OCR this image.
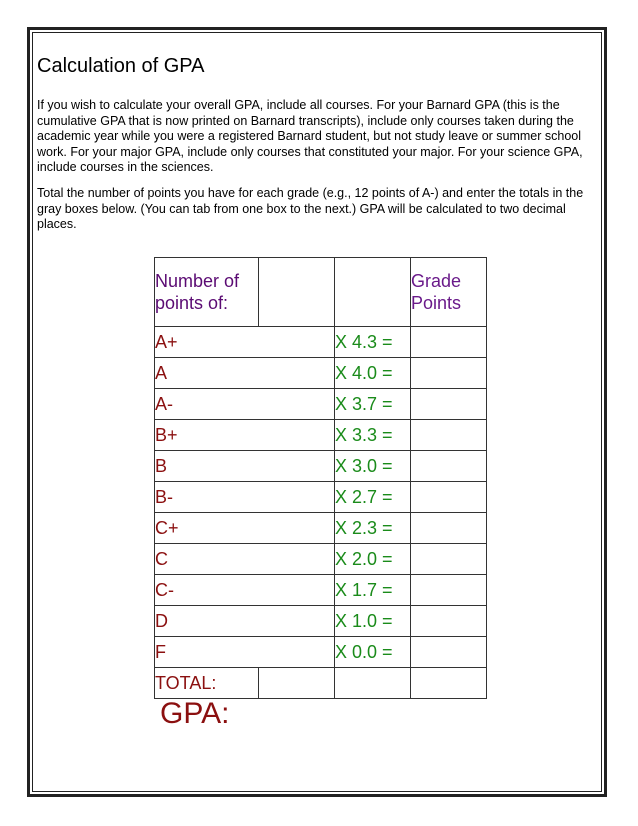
Calculation of GPA

If you wish to calculate your overall GPA, include all courses. For your Barnard GPA (this is the cumulative GPA that is now printed on Barnard transcripts), include only courses taken during the academic year while you were a registered Barnard student, but not study leave or summer school work. For your major GPA, include only courses that constituted your major. For your science GPA, include courses in the sciences.

Total the number of points you have for each grade (e.g., 12 points of A-) and enter the totals in the gray boxes below. (You can tab from one box to the next.) GPA will be calculated to two decimal places.

Number of points of:			Grade Points
A+		X 4.3 =	
A		X 4.0 =	
A-		X 3.7 =	
B+		X 3.3 =	
B		X 3.0 =	
B-		X 2.7 =	
C+		X 2.3 =	
C		X 2.0 =	
C-		X 1.7 =	
D		X 1.0 =	
F		X 0.0 =	
TOTAL:			
GPA:
